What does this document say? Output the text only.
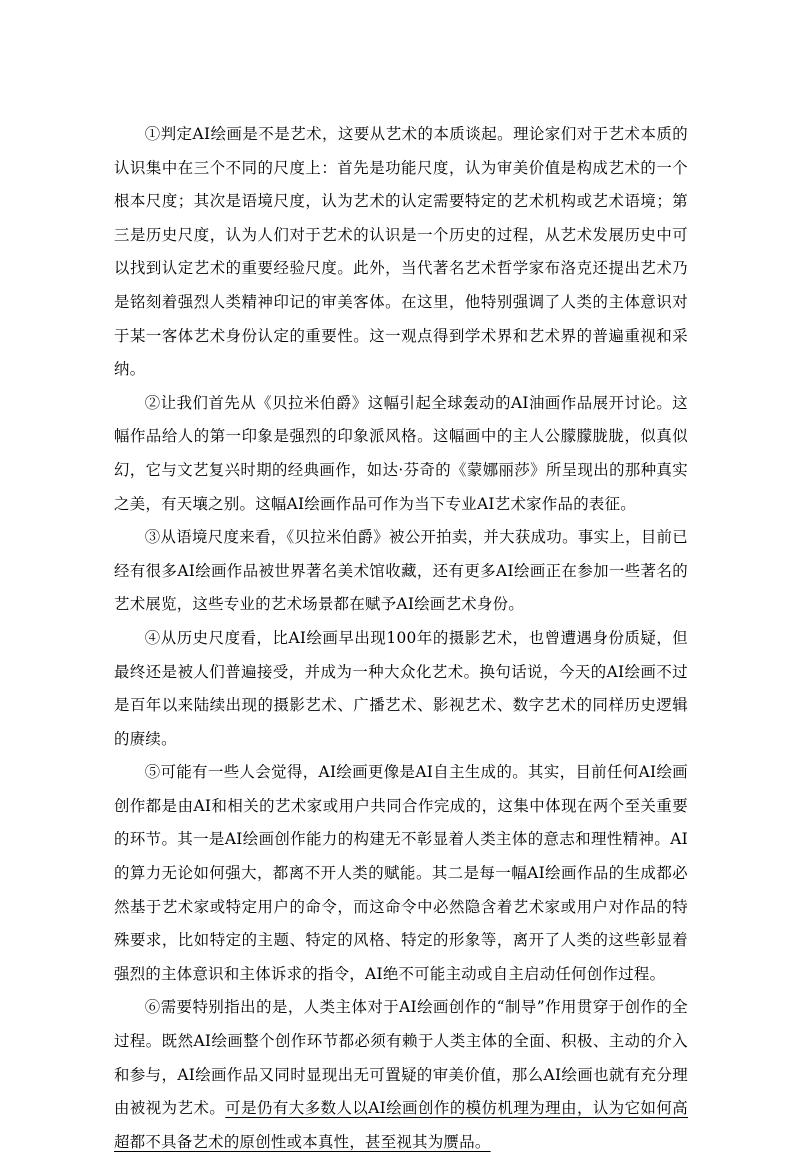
①判定AI绘画是不是艺术，这要从艺术的本质谈起。理论家们对于艺术本质的认识集中在三个不同的尺度上：首先是功能尺度，认为审美价值是构成艺术的一个根本尺度；其次是语境尺度，认为艺术的认定需要特定的艺术机构或艺术语境；第三是历史尺度，认为人们对于艺术的认识是一个历史的过程，从艺术发展历史中可以找到认定艺术的重要经验尺度。此外，当代著名艺术哲学家布洛克还提出艺术乃是铭刻着强烈人类精神印记的审美客体。在这里，他特别强调了人类的主体意识对于某一客体艺术身份认定的重要性。这一观点得到学术界和艺术界的普遍重视和采纳。

②让我们首先从《贝拉米伯爵》这幅引起全球轰动的AI油画作品展开讨论。这幅作品给人的第一印象是强烈的印象派风格。这幅画中的主人公朦朦胧胧，似真似幻，它与文艺复兴时期的经典画作，如达·芬奇的《蒙娜丽莎》所呈现出的那种真实之美，有天壤之别。这幅AI绘画作品可作为当下专业AI艺术家作品的表征。

③从语境尺度来看，《贝拉米伯爵》被公开拍卖，并大获成功。事实上，目前已经有很多AI绘画作品被世界著名美术馆收藏，还有更多AI绘画正在参加一些著名的艺术展览，这些专业的艺术场景都在赋予AI绘画艺术身份。

④从历史尺度看，比AI绘画早出现100年的摄影艺术，也曾遭遇身份质疑，但最终还是被人们普遍接受，并成为一种大众化艺术。换句话说，今天的AI绘画不过是百年以来陆续出现的摄影艺术、广播艺术、影视艺术、数字艺术的同样历史逻辑的赓续。

⑤可能有一些人会觉得，AI绘画更像是AI自主生成的。其实，目前任何AI绘画创作都是由AI和相关的艺术家或用户共同合作完成的，这集中体现在两个至关重要的环节。其一是AI绘画创作能力的构建无不彰显着人类主体的意志和理性精神。AI的算力无论如何强大，都离不开人类的赋能。其二是每一幅AI绘画作品的生成都必然基于艺术家或特定用户的命令，而这命令中必然隐含着艺术家或用户对作品的特殊要求，比如特定的主题、特定的风格、特定的形象等，离开了人类的这些彰显着强烈的主体意识和主体诉求的指令，AI绝不可能主动或自主启动任何创作过程。

⑥需要特别指出的是，人类主体对于AI绘画创作的“制导”作用贯穿于创作的全过程。既然AI绘画整个创作环节都必须有赖于人类主体的全面、积极、主动的介入和参与，AI绘画作品又同时显现出无可置疑的审美价值，那么AI绘画也就有充分理由被视为艺术。可是仍有大多数人以AI绘画创作的模仿机理为理由，认为它如何高超都不具备艺术的原创性或本真性，甚至视其为赝品。
